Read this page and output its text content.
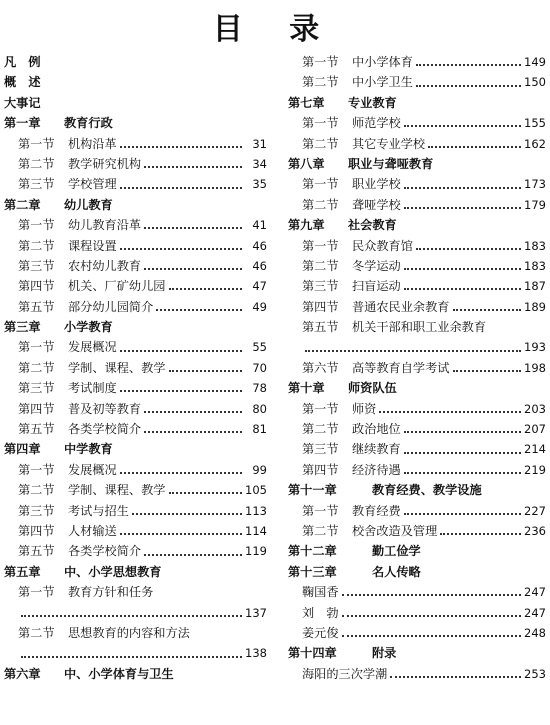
目 录
凡　例
概　述
大事记
第一章	教育行政
第一节	机构沿革	31
第二节	教学研究机构	34
第三节	学校管理	35
第二章	幼儿教育
第一节	幼儿教育沿革	41
第二节	课程设置	46
第三节	农村幼儿教育	46
第四节	机关、厂矿幼儿园	47
第五节	部分幼儿园简介	49
第三章	小学教育
第一节	发展概况	55
第二节	学制、课程、教学	70
第三节	考试制度	78
第四节	普及初等教育	80
第五节	各类学校简介	81
第四章	中学教育
第一节	发展概况	99
第二节	学制、课程、教学	105
第三节	考试与招生	113
第四节	人材输送	114
第五节	各类学校简介	119
第五章	中、小学思想教育
第一节	教育方针和任务
137
第二节	思想教育的内容和方法
138
第六章	中、小学体育与卫生
第一节	中小学体育	149
第二节	中小学卫生	150
第七章	专业教育
第一节	师范学校	155
第二节	其它专业学校	162
第八章	职业与聋哑教育
第一节	职业学校	173
第二节	聋哑学校	179
第九章	社会教育
第一节	民众教育馆	183
第二节	冬学运动	183
第三节	扫盲运动	187
第四节	普通农民业余教育	189
第五节	机关干部和职工业余教育
193
第六节	高等教育自学考试	198
第十章	师资队伍
第一节	师资	203
第二节	政治地位	207
第三节	继续教育	214
第四节	经济待遇	219
第十一章	教育经费、教学设施
第一节	教育经费	227
第二节	校舍改造及管理	236
第十二章	勤工俭学
第十三章	名人传略
鞠国香	247
刘　勃	247
姜元俊	248
第十四章	附录
海阳的三次学潮	253
